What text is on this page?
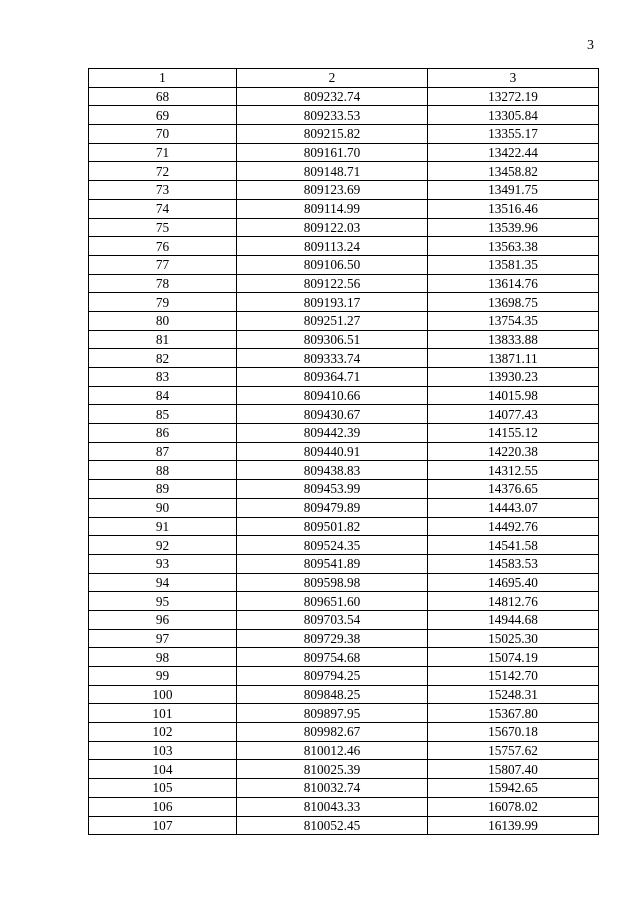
3
1	2	3
68	809232.74	13272.19
69	809233.53	13305.84
70	809215.82	13355.17
71	809161.70	13422.44
72	809148.71	13458.82
73	809123.69	13491.75
74	809114.99	13516.46
75	809122.03	13539.96
76	809113.24	13563.38
77	809106.50	13581.35
78	809122.56	13614.76
79	809193.17	13698.75
80	809251.27	13754.35
81	809306.51	13833.88
82	809333.74	13871.11
83	809364.71	13930.23
84	809410.66	14015.98
85	809430.67	14077.43
86	809442.39	14155.12
87	809440.91	14220.38
88	809438.83	14312.55
89	809453.99	14376.65
90	809479.89	14443.07
91	809501.82	14492.76
92	809524.35	14541.58
93	809541.89	14583.53
94	809598.98	14695.40
95	809651.60	14812.76
96	809703.54	14944.68
97	809729.38	15025.30
98	809754.68	15074.19
99	809794.25	15142.70
100	809848.25	15248.31
101	809897.95	15367.80
102	809982.67	15670.18
103	810012.46	15757.62
104	810025.39	15807.40
105	810032.74	15942.65
106	810043.33	16078.02
107	810052.45	16139.99
